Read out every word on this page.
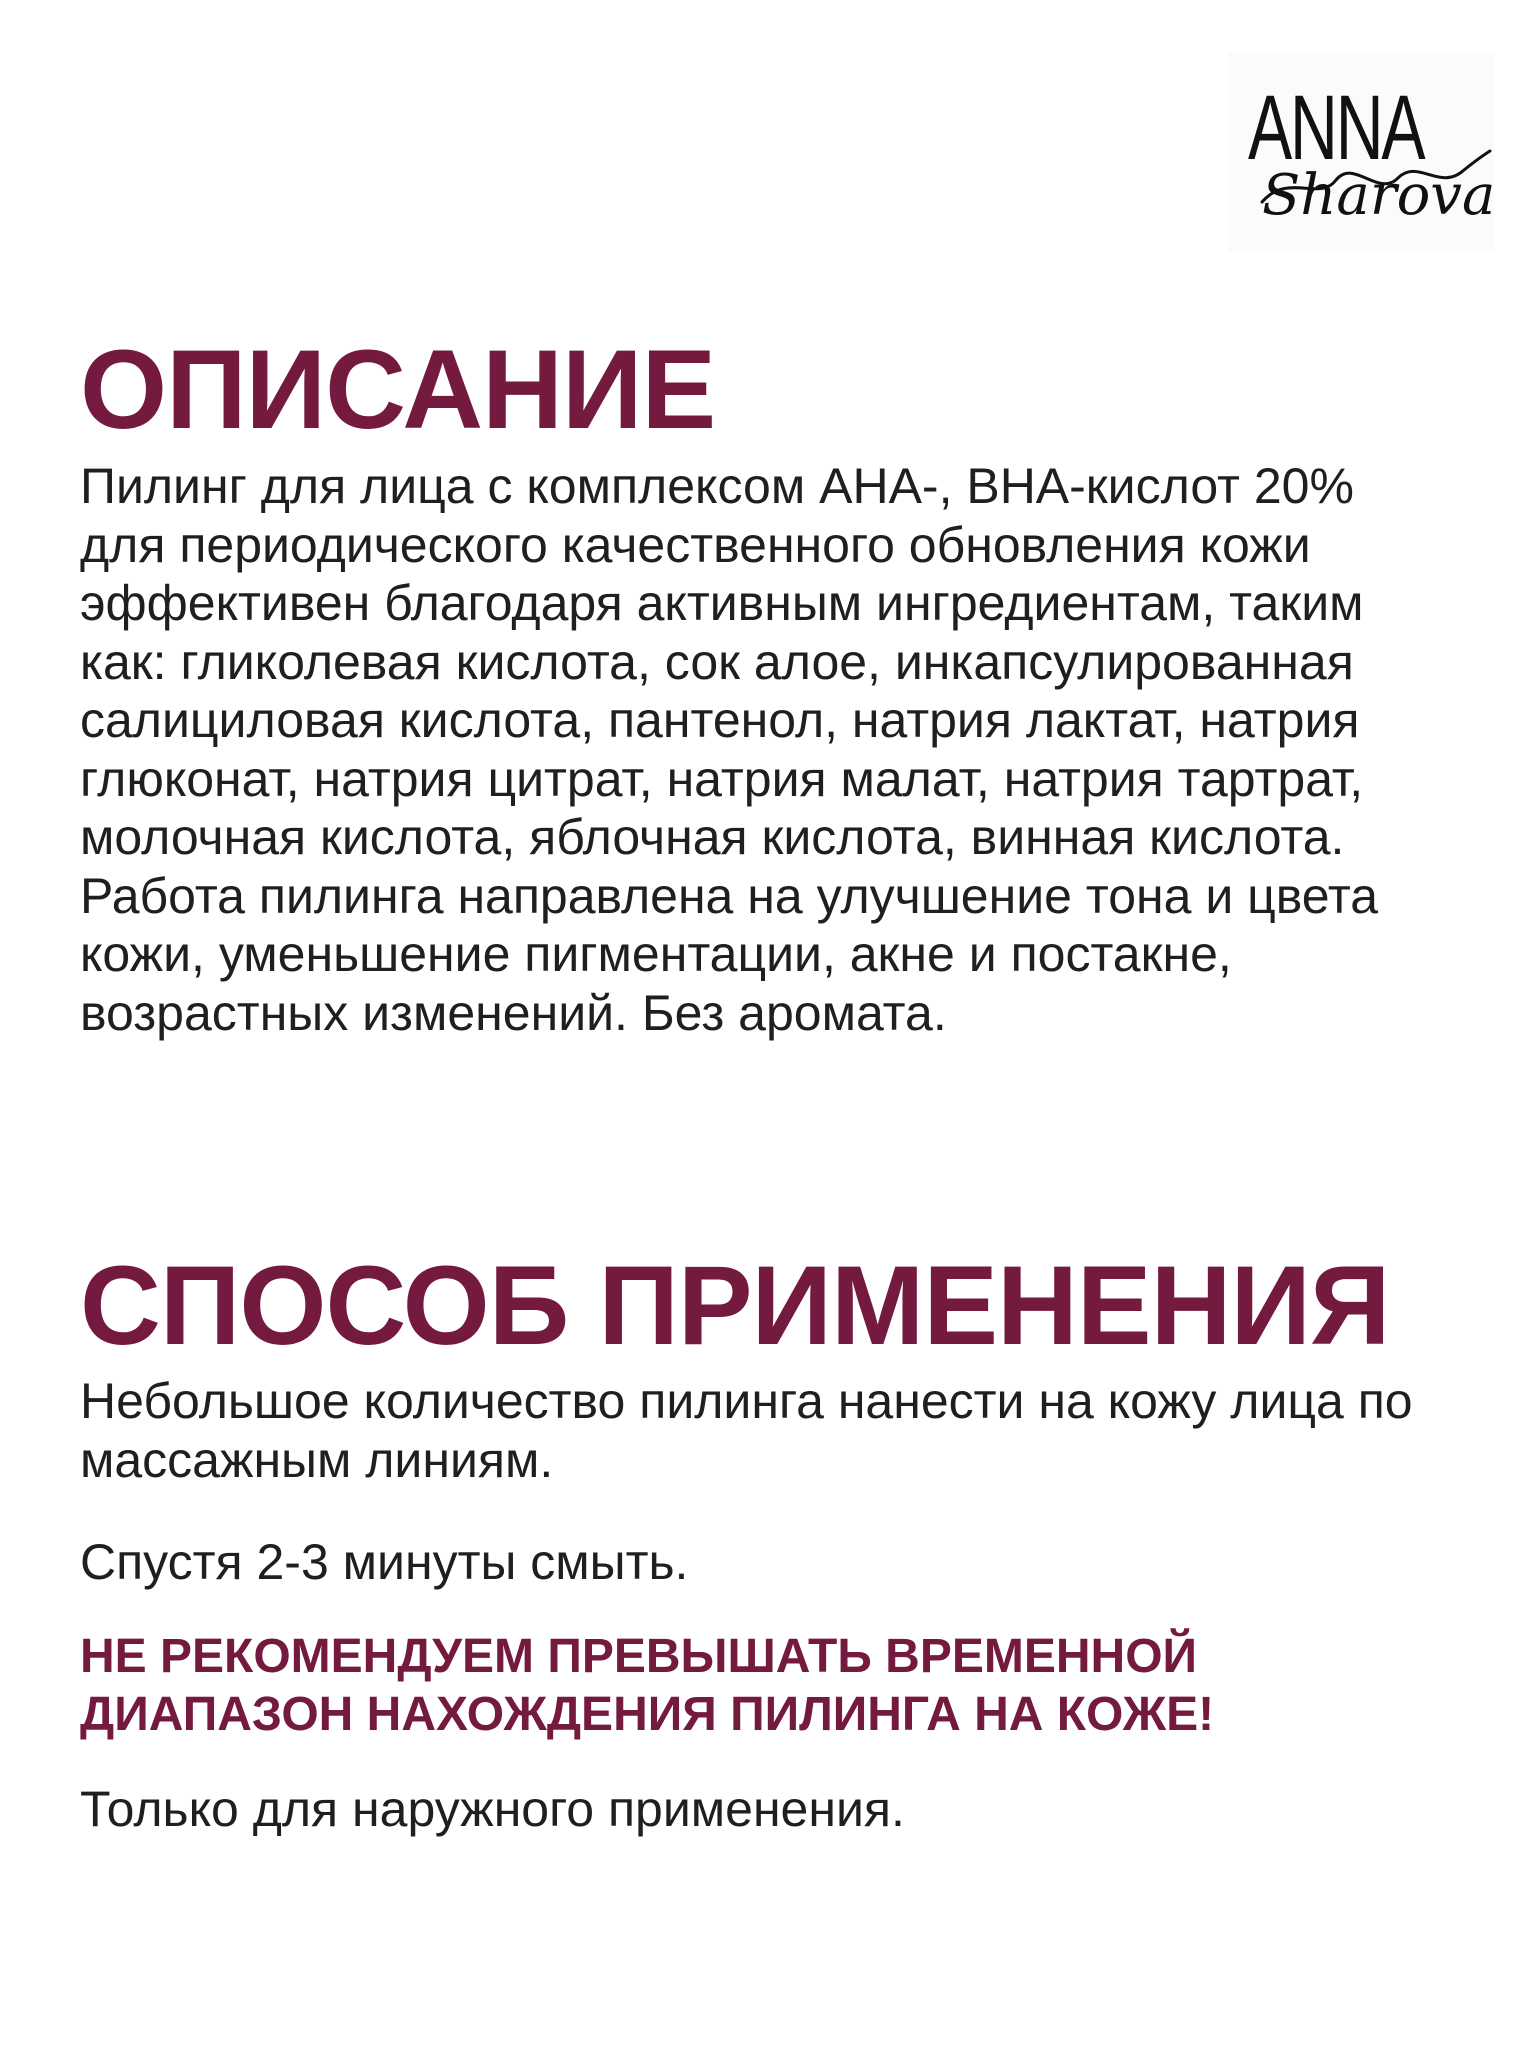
ANNA
Sharova
ОПИСАНИЕ

Пилинг для лица с комплексом АНА-, ВНА-кислот 20% для периодического качественного обновления кожи эффективен благодаря активным ингредиентам, таким как: гликолевая кислота, сок алое, инкапсулированная салициловая кислота, пантенол, натрия лактат, натрия глюконат, натрия цитрат, натрия малат, натрия тартрат, молочная кислота, яблочная кислота, винная кислота. Работа пилинга направлена на улучшение тона и цвета кожи, уменьшение пигментации, акне и постакне, возрастных изменений. Без аромата.

СПОСОБ ПРИМЕНЕНИЯ

Небольшое количество пилинга нанести на кожу лица по массажным линиям.

Спустя 2-3 минуты смыть.

НЕ РЕКОМЕНДУЕМ ПРЕВЫШАТЬ ВРЕМЕННОЙ ДИАПАЗОН НАХОЖДЕНИЯ ПИЛИНГА НА КОЖЕ!

Только для наружного применения.
